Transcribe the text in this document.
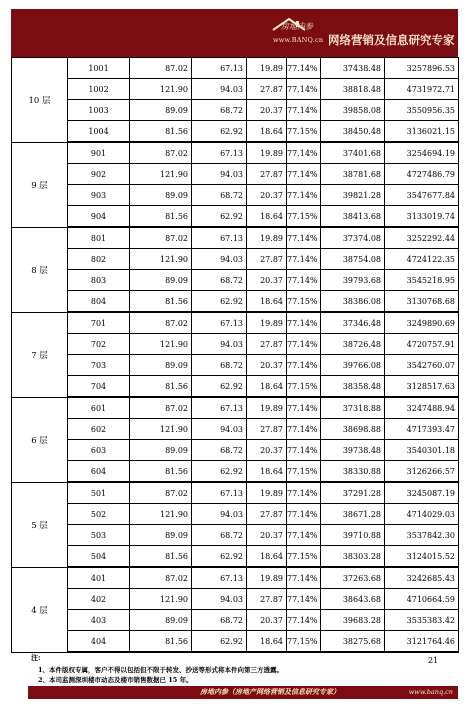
房地内参
www.BANQ.cn 网络营销及信息研究专家
10 层	1001	87.02	67.13	19.89	77.14%	37438.48	3257896.53
	1002	121.90	94.03	27.87	77.14%	38818.48	4731972.71
	1003	89.09	68.72	20.37	77.14%	39858.08	3550956.35
	1004	81.56	62.92	18.64	77.15%	38450.48	3136021.15
9 层	901	87.02	67.13	19.89	77.14%	37401.68	3254694.19
	902	121.90	94.03	27.87	77.14%	38781.68	4727486.79
	903	89.09	68.72	20.37	77.14%	39821.28	3547677.84
	904	81.56	62.92	18.64	77.15%	38413.68	3133019.74
8 层	801	87.02	67.13	19.89	77.14%	37374.08	3252292.44
	802	121.90	94.03	27.87	77.14%	38754.08	4724122.35
	803	89.09	68.72	20.37	77.14%	39793.68	3545218.95
	804	81.56	62.92	18.64	77.15%	38386.08	3130768.68
7 层	701	87.02	67.13	19.89	77.14%	37346.48	3249890.69
	702	121.90	94.03	27.87	77.14%	38726.48	4720757.91
	703	89.09	68.72	20.37	77.14%	39766.08	3542760.07
	704	81.56	62.92	18.64	77.15%	38358.48	3128517.63
6 层	601	87.02	67.13	19.89	77.14%	37318.88	3247488.94
	602	121.90	94.03	27.87	77.14%	38698.88	4717393.47
	603	89.09	68.72	20.37	77.14%	39738.48	3540301.18
	604	81.56	62.92	18.64	77.15%	38330.88	3126266.57
5 层	501	87.02	67.13	19.89	77.14%	37291.28	3245087.19
	502	121.90	94.03	27.87	77.14%	38671.28	4714029.03
	503	89.09	68.72	20.37	77.14%	39710.88	3537842.30
	504	81.56	62.92	18.64	77.15%	38303.28	3124015.52
4 层	401	87.02	67.13	19.89	77.14%	37263.68	3242685.43
	402	121.90	94.03	27.87	77.14%	38643.68	4710664.59
	403	89.09	68.72	20.37	77.14%	39683.28	3535383.42
	404	81.56	62.92	18.64	77.15%	38275.68	3121764.46
注:
1、本件版权专属，客户不得以包括但不限于转发、抄送等形式将本件向第三方透露。
2、本司监测深圳楼市动态及楼市销售数据已 15 年。
21
房地内参（房地产网络营销及信息研究专家）	www.banq.cn
